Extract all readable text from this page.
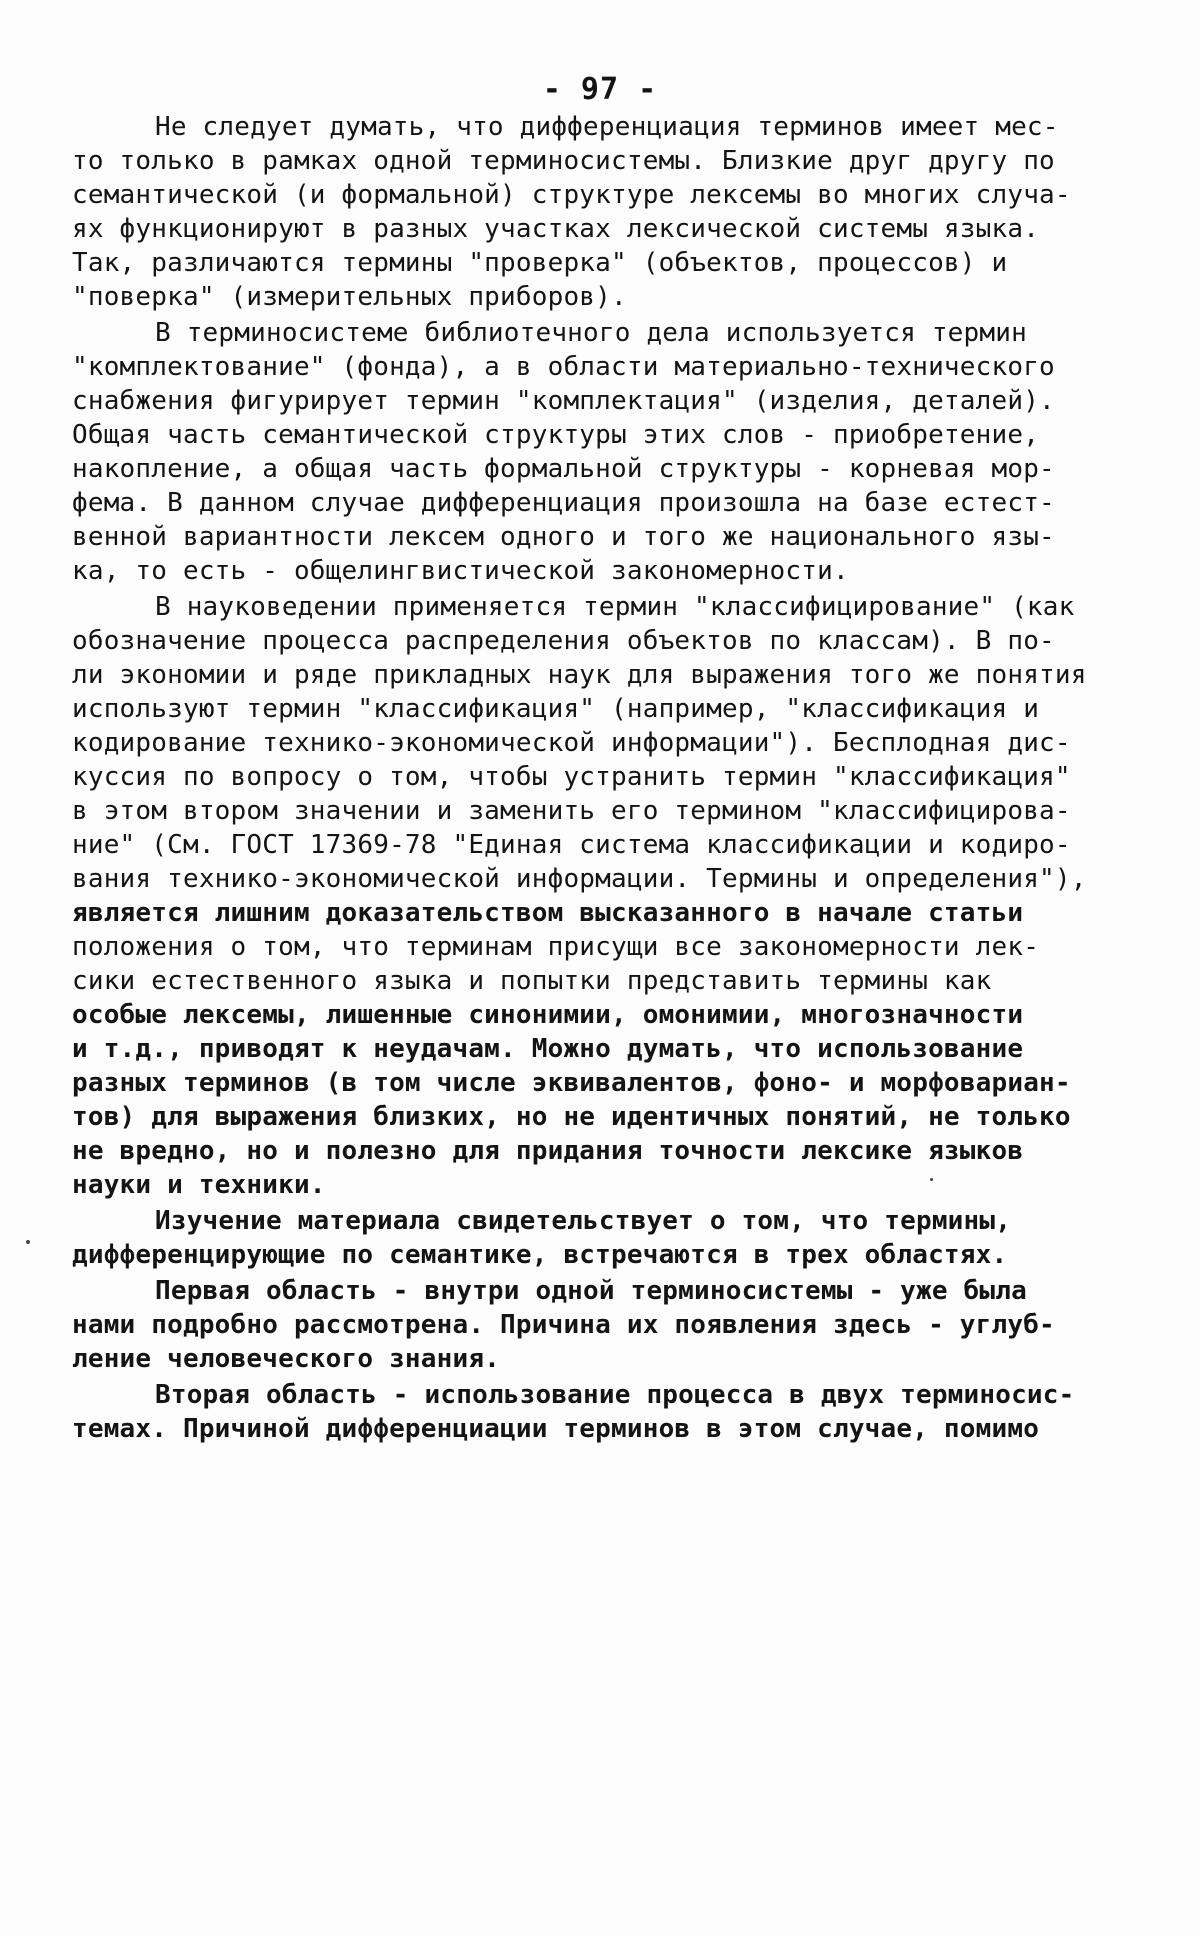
- 97 -
Не следует думать, что дифференциация терминов имеет мес-
то только в рамках одной терминосистемы. Близкие друг другу по
семантической (и формальной) структуре лексемы во многих случа-
ях функционируют в разных участках лексической системы языка.
Так, различаются термины "проверка" (объектов, процессов) и
"поверка" (измерительных приборов).
В терминосистеме библиотечного дела используется термин
"комплектование" (фонда), а в области материально-технического
снабжения фигурирует термин "комплектация" (изделия, деталей).
Общая часть семантической структуры этих слов - приобретение,
накопление, а общая часть формальной структуры - корневая мор-
фема. В данном случае дифференциация произошла на базе естест-
венной вариантности лексем одного и того же национального язы-
ка, то есть - общелингвистической закономерности.
В науковедении применяется термин "классифицирование" (как
обозначение процесса распределения объектов по классам). В по-
ли экономии и ряде прикладных наук для выражения того же понятия
используют термин "классификация" (например, "классификация и
кодирование технико-экономической информации"). Бесплодная дис-
куссия по вопросу о том, чтобы устранить термин "классификация"
в этом втором значении и заменить его термином "классифицирова-
ние" (См. ГОСТ 17369-78 "Единая система классификации и кодиро-
вания технико-экономической информации. Термины и определения"),
является лишним доказательством высказанного в начале статьи
положения о том, что терминам присущи все закономерности лек-
сики естественного языка и попытки представить термины как
особые лексемы, лишенные синонимии, омонимии, многозначности
и т.д., приводят к неудачам. Можно думать, что использование
разных терминов (в том числе эквивалентов, фоно- и морфовариан-
тов) для выражения близких, но не идентичных понятий, не только
не вредно, но и полезно для придания точности лексике языков
науки и техники.
Изучение материала свидетельствует о том, что термины,
дифференцирующие по семантике, встречаются в трех областях.
Первая область - внутри одной терминосистемы - уже была
нами подробно рассмотрена. Причина их появления здесь - углуб-
ление человеческого знания.
Вторая область - использование процесса в двух терминосис-
темах. Причиной дифференциации терминов в этом случае, помимо
